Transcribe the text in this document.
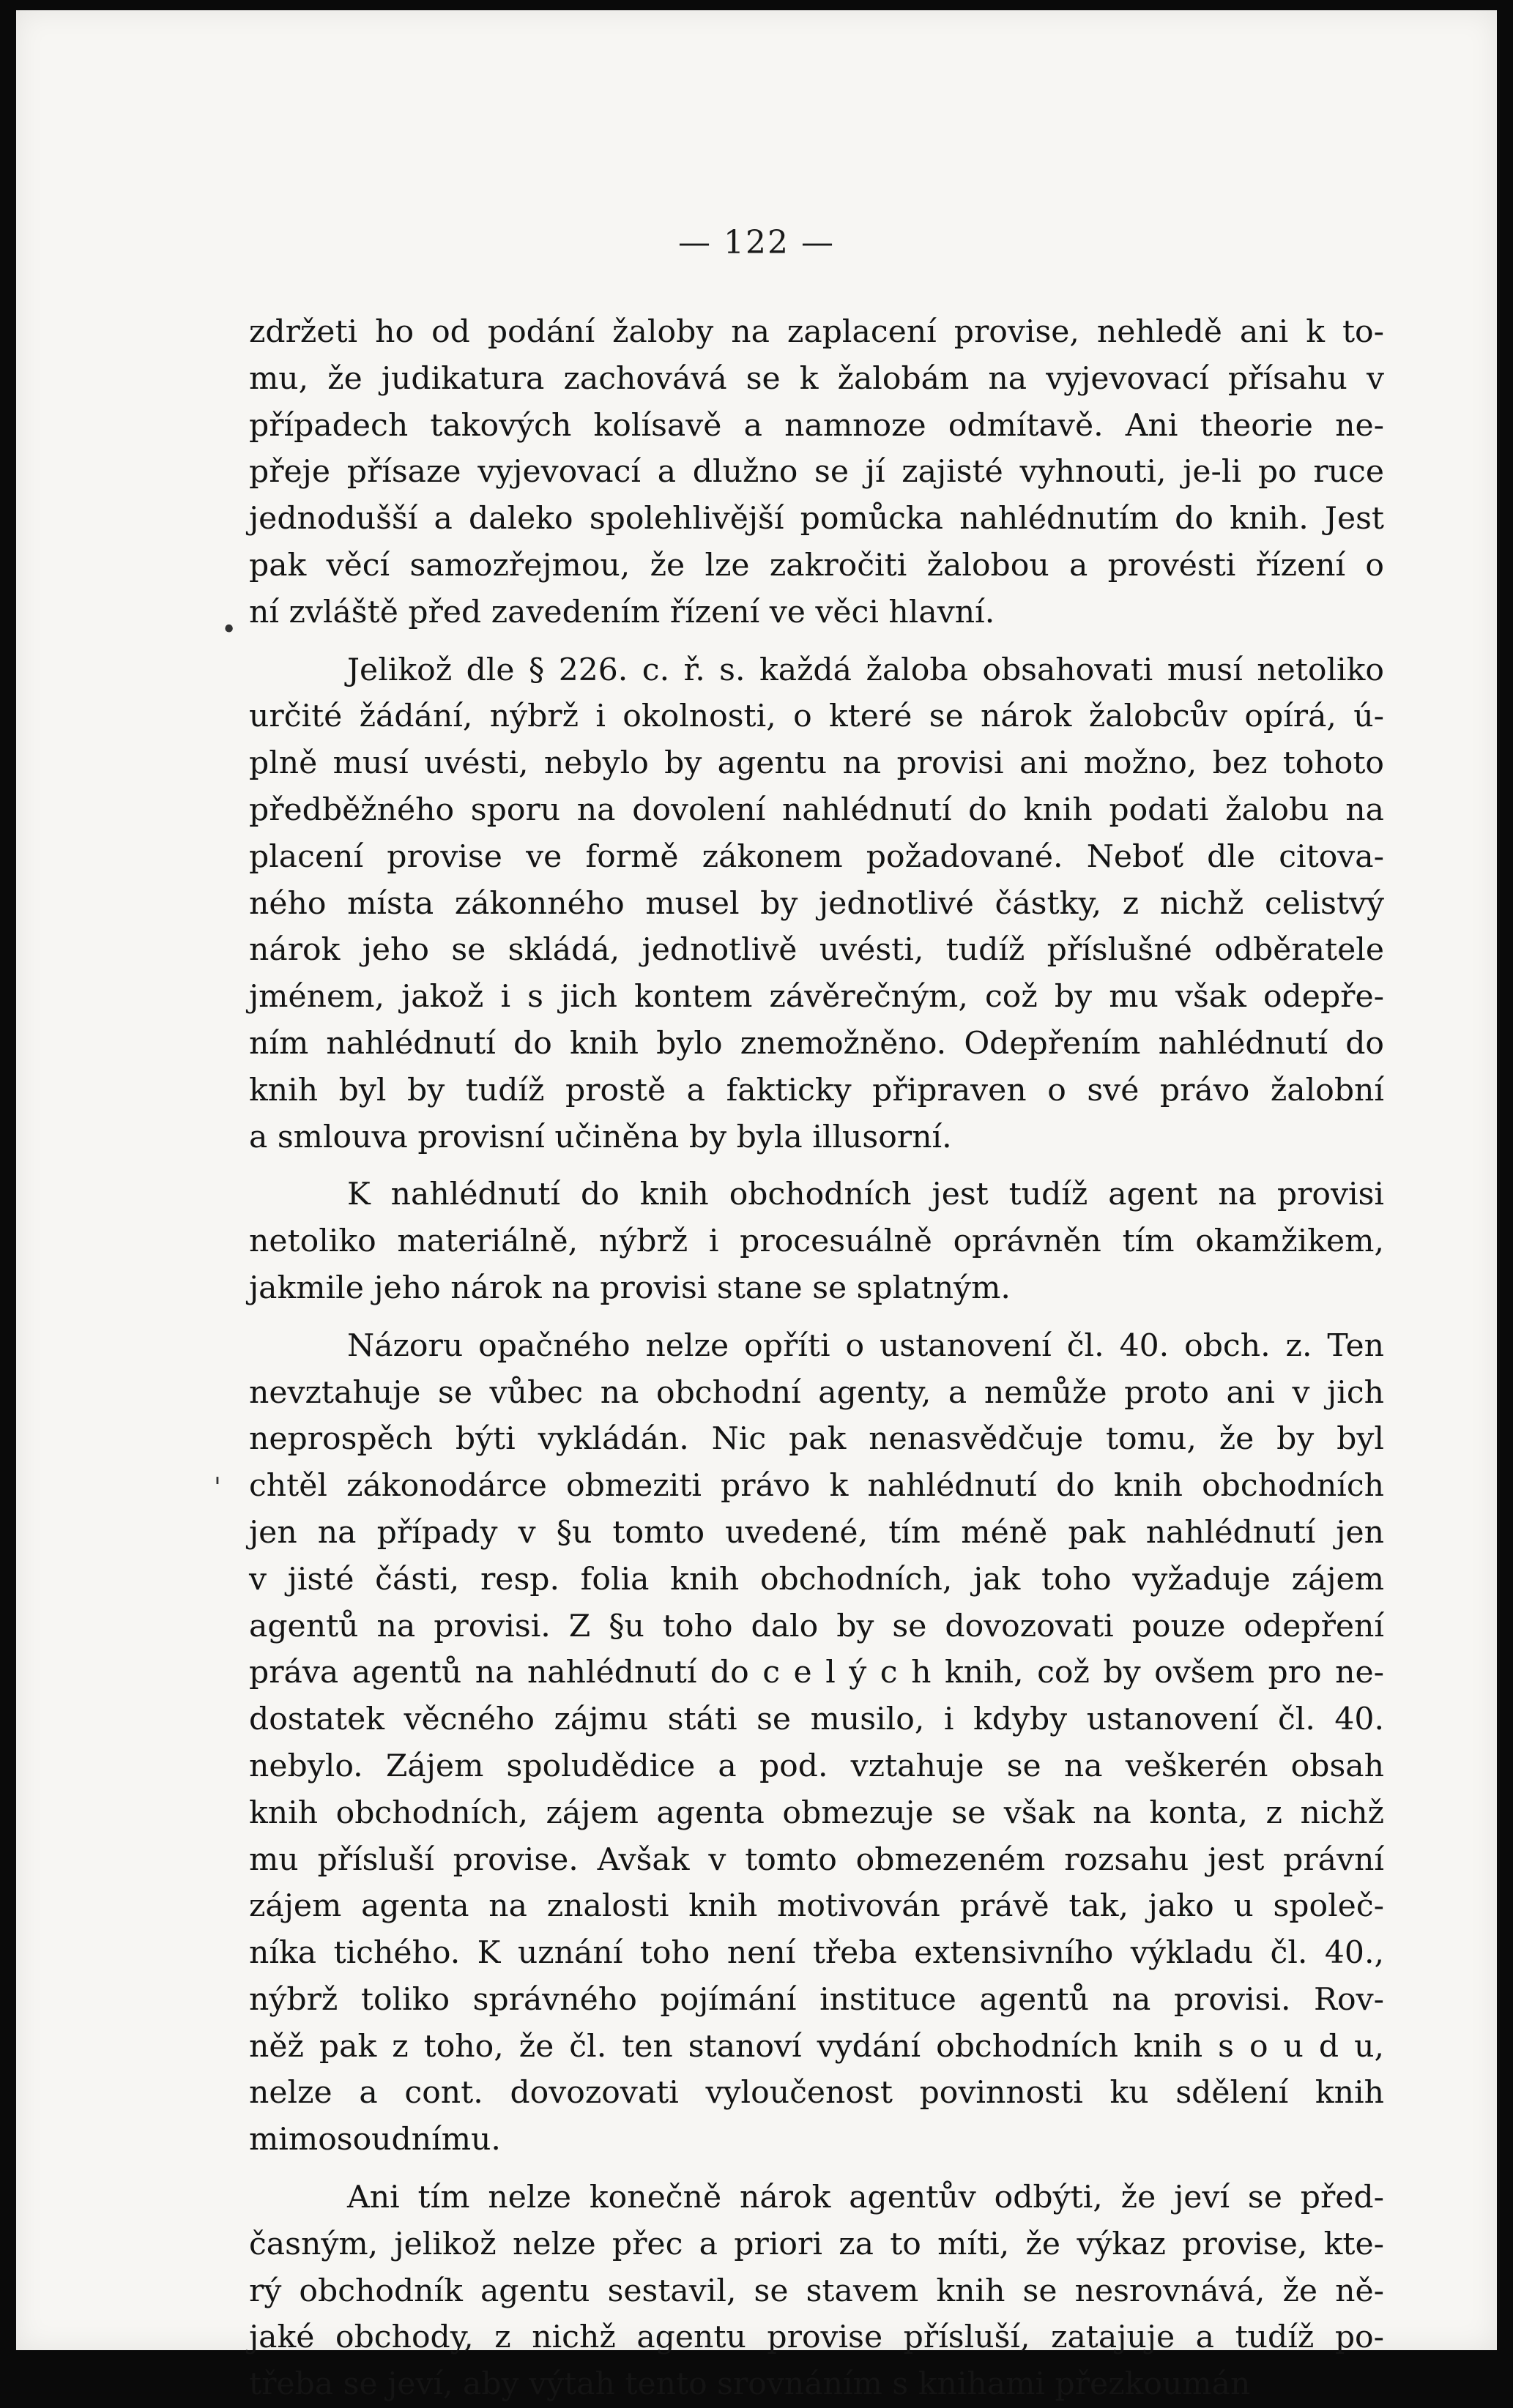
— 122 —
•
'
zdržeti ho od podání žaloby na zaplacení provise, nehledě ani k to-
mu, že judikatura zachovává se k žalobám na vyjevovací přísahu v
případech takových kolísavě a namnoze odmítavě. Ani theorie ne-
přeje přísaze vyjevovací a dlužno se jí zajisté vyhnouti, je-li po ruce
jednodušší a daleko spolehlivější pomůcka nahlédnutím do knih. Jest
pak věcí samozřejmou, že lze zakročiti žalobou a provésti řízení o
ní zvláště před zavedením řízení ve věci hlavní.
Jelikož dle § 226. c. ř. s. každá žaloba obsahovati musí netoliko
určité žádání, nýbrž i okolnosti, o které se nárok žalobcův opírá, ú-
plně musí uvésti, nebylo by agentu na provisi ani možno, bez tohoto
předběžného sporu na dovolení nahlédnutí do knih podati žalobu na
placení provise ve formě zákonem požadované. Neboť dle citova-
ného místa zákonného musel by jednotlivé částky, z nichž celistvý
nárok jeho se skládá, jednotlivě uvésti, tudíž příslušné odběratele
jménem, jakož i s jich kontem závěrečným, což by mu však odepře-
ním nahlédnutí do knih bylo znemožněno. Odepřením nahlédnutí do
knih byl by tudíž prostě a fakticky připraven o své právo žalobní
a smlouva provisní učiněna by byla illusorní.
K nahlédnutí do knih obchodních jest tudíž agent na provisi
netoliko materiálně, nýbrž i procesuálně oprávněn tím okamžikem,
jakmile jeho nárok na provisi stane se splatným.
Názoru opačného nelze opříti o ustanovení čl. 40. obch. z. Ten
nevztahuje se vůbec na obchodní agenty, a nemůže proto ani v jich
neprospěch býti vykládán. Nic pak nenasvědčuje tomu, že by byl
chtěl zákonodárce obmeziti právo k nahlédnutí do knih obchodních
jen na případy v §u tomto uvedené, tím méně pak nahlédnutí jen
v jisté části, resp. folia knih obchodních, jak toho vyžaduje zájem
agentů na provisi. Z §u toho dalo by se dovozovati pouze odepření
práva agentů na nahlédnutí do c e l ý c h knih, což by ovšem pro ne-
dostatek věcného zájmu státi se musilo, i kdyby ustanovení čl. 40.
nebylo. Zájem spoludědice a pod. vztahuje se na veškerén obsah
knih obchodních, zájem agenta obmezuje se však na konta, z nichž
mu přísluší provise. Avšak v tomto obmezeném rozsahu jest právní
zájem agenta na znalosti knih motivován právě tak, jako u společ-
níka tichého. K uznání toho není třeba extensivního výkladu čl. 40.,
nýbrž toliko správného pojímání instituce agentů na provisi. Rov-
něž pak z toho, že čl. ten stanoví vydání obchodních knih s o u d u,
nelze a cont. dovozovati vyloučenost povinnosti ku sdělení knih
mimosoudnímu.
Ani tím nelze konečně nárok agentův odbýti, že jeví se před-
časným, jelikož nelze přec a priori za to míti, že výkaz provise, kte-
rý obchodník agentu sestavil, se stavem knih se nesrovnává, že ně-
jaké obchody, z nichž agentu provise přísluší, zatajuje a tudíž po-
třeba se jeví, aby výtah tento srovnáním s knihami přezkoumán
